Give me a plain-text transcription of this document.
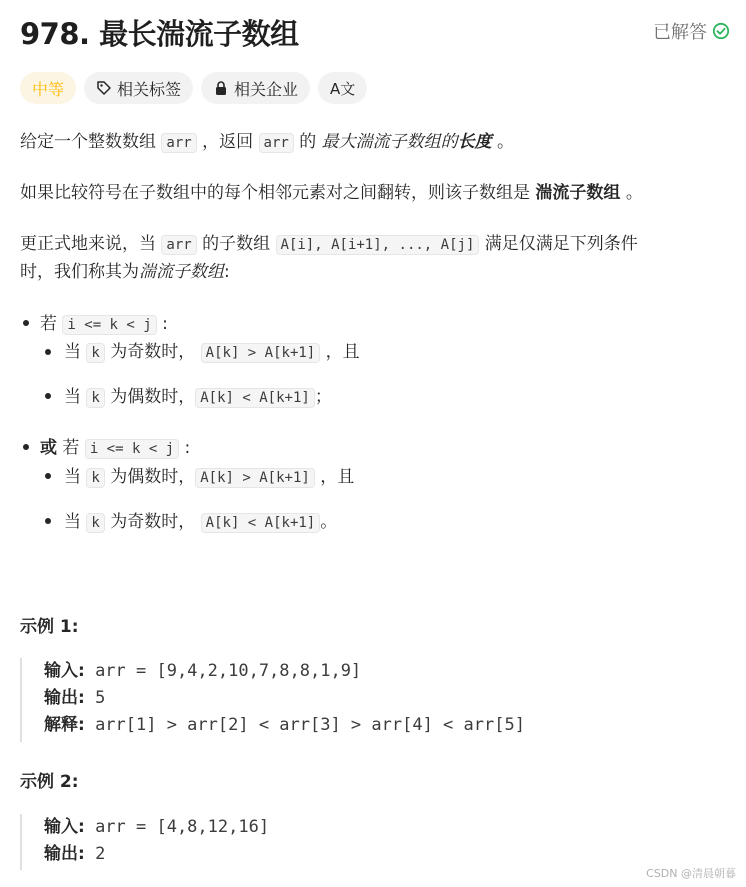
978. 最长湍流子数组	已解答
中等	相关标签	相关企业 A文
给定一个整数数组 arr ，返回 arr 的 最大湍流子数组的长度 。
如果比较符号在子数组中的每个相邻元素对之间翻转，则该子数组是 湍流子数组 。
更正式地来说，当 arr 的子数组 A[i], A[i+1], ..., A[j] 满足仅满足下列条件
时，我们称其为湍流子数组:
若 i <= k < j :
当 k 为奇数时， A[k] > A[k+1] ，且
当 k 为偶数时， A[k] < A[k+1] ；
或 若 i <= k < j :
当 k 为偶数时， A[k] > A[k+1] ，且
当 k 为奇数时， A[k] < A[k+1] 。
示例 1:
输入: arr = [9,4,2,10,7,8,8,1,9]
输出: 5
解释: arr[1] > arr[2] < arr[3] > arr[4] < arr[5]
示例 2:
输入: arr = [4,8,12,16]
输出: 2
CSDN @清晨朝暮
